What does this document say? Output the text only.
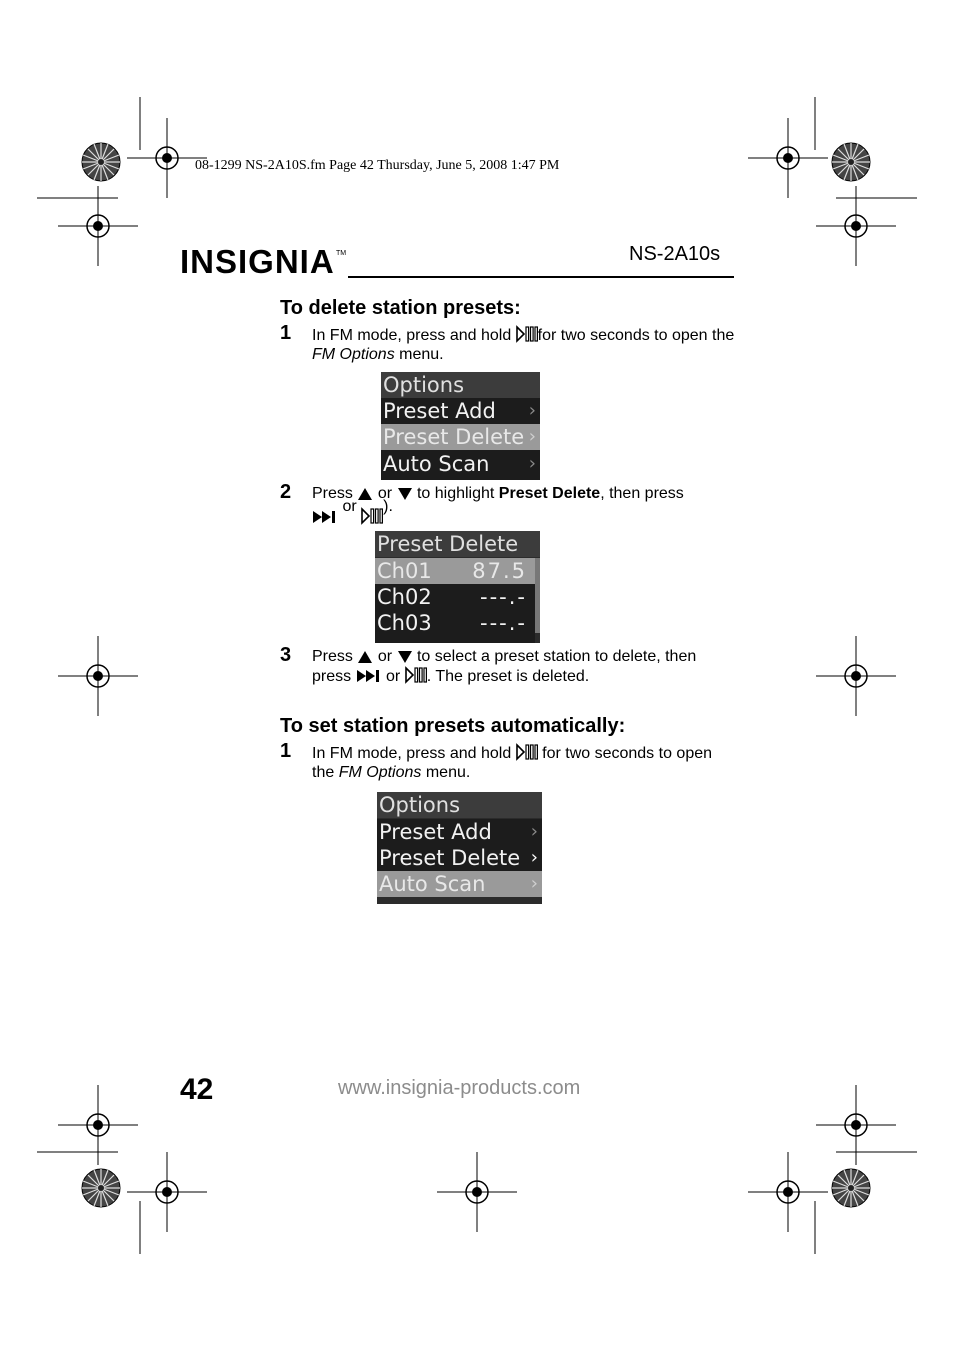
08-1299 NS-2A10S.fm Page 42 Thursday, June 5, 2008 1:47 PM
INSIGNIA TM	NS-2A10s
To delete station presets:
1 In FM mode, press and hold for two seconds to open the FM Options menu.
Options
Preset Add ›
Preset Delete ›
Auto Scan ›
2 Press or to highlight Preset Delete, then press
or ).
Preset Delete
Ch01 87.5
Ch02 ---.-
Ch03 ---.-
3 Press or to select a preset station to delete, then press or . The preset is deleted.
To set station presets automatically:
1 In FM mode, press and hold for two seconds to open the FM Options menu.
Options
Preset Add ›
Preset Delete ›
Auto Scan	›
42	www.insignia-products.com
